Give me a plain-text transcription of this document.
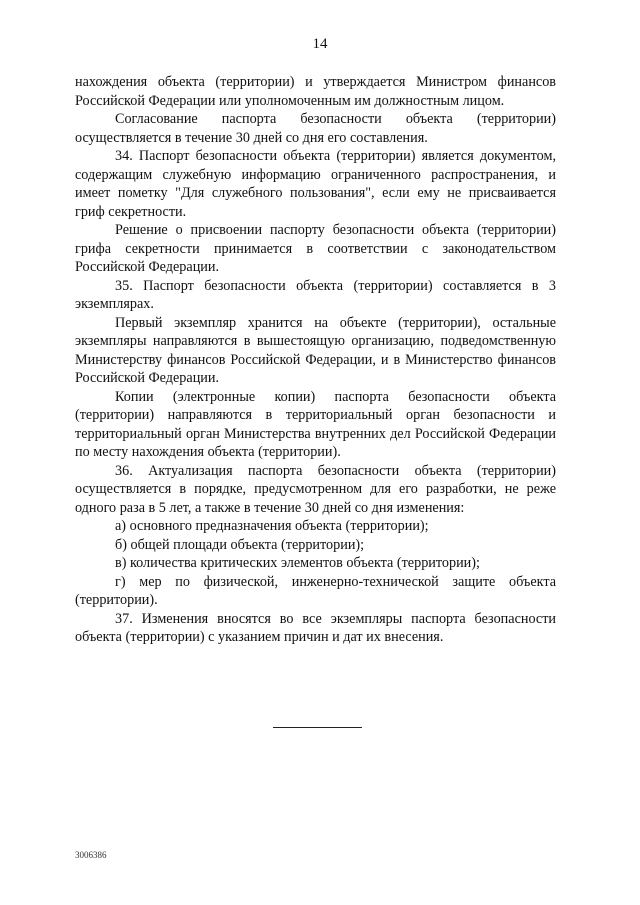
14

нахождения объекта (территории) и утверждается Министром финансов Российской Федерации или уполномоченным им должностным лицом.

Согласование паспорта безопасности объекта (территории) осуществляется в течение 30 дней со дня его составления.

34. Паспорт безопасности объекта (территории) является документом, содержащим служебную информацию ограниченного распространения, и имеет пометку "Для служебного пользования", если ему не присваивается гриф секретности.

Решение о присвоении паспорту безопасности объекта (территории) грифа секретности принимается в соответствии с законодательством Российской Федерации.

35. Паспорт безопасности объекта (территории) составляется в 3 экземплярах.

Первый экземпляр хранится на объекте (территории), остальные экземпляры направляются в вышестоящую организацию, подведомственную Министерству финансов Российской Федерации, и в Министерство финансов Российской Федерации.

Копии (электронные копии) паспорта безопасности объекта (территории) направляются в территориальный орган безопасности и территориальный орган Министерства внутренних дел Российской Федерации по месту нахождения объекта (территории).

36. Актуализация паспорта безопасности объекта (территории) осуществляется в порядке, предусмотренном для его разработки, не реже одного раза в 5 лет, а также в течение 30 дней со дня изменения:

а) основного предназначения объекта (территории);

б) общей площади объекта (территории);

в) количества критических элементов объекта (территории);

г) мер по физической, инженерно-технической защите объекта (территории).

37. Изменения вносятся во все экземпляры паспорта безопасности объекта (территории) с указанием причин и дат их внесения.

3006386
